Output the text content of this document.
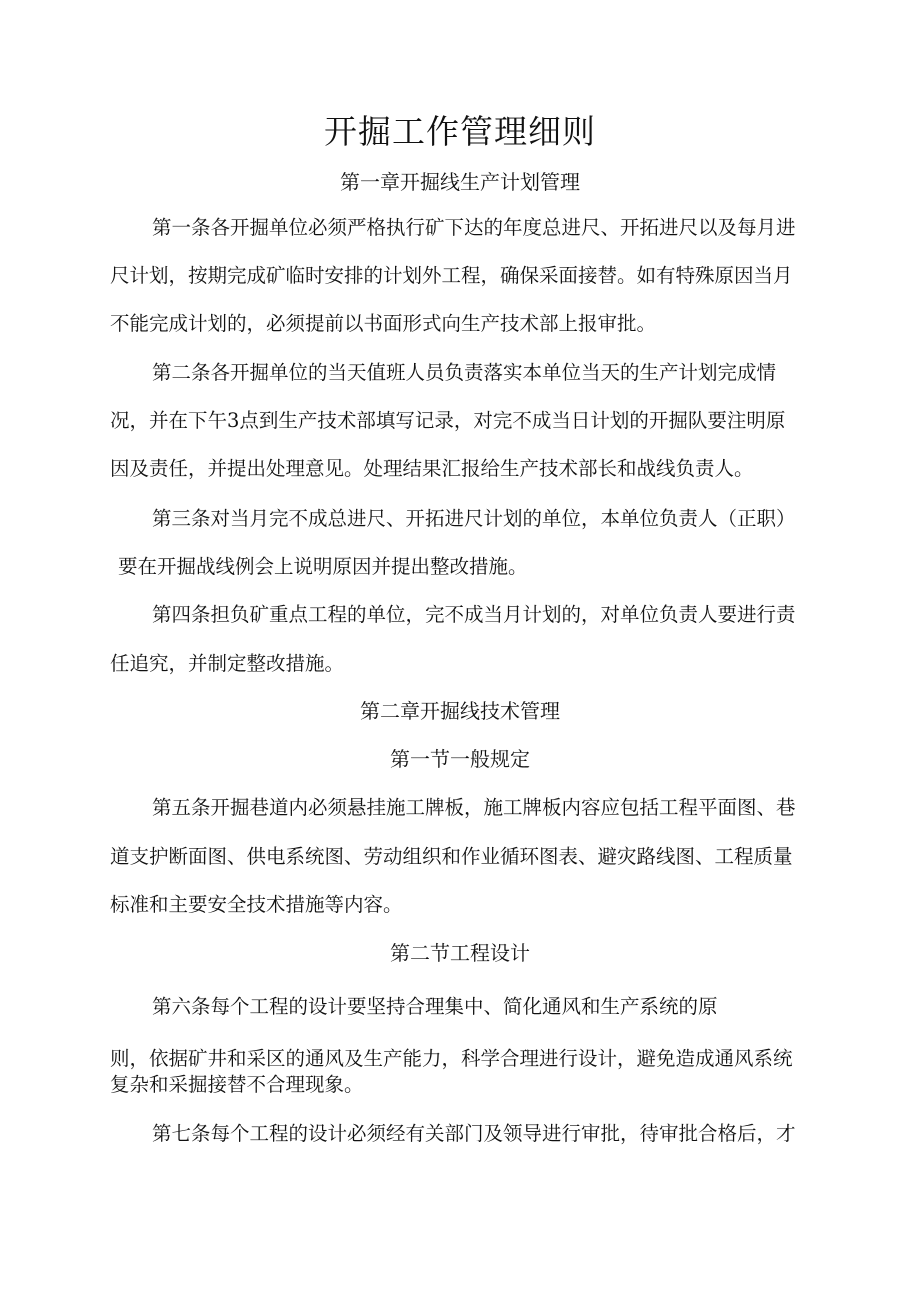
开掘工作管理细则
第一章开掘线生产计划管理
第一条各开掘单位必须严格执行矿下达的年度总进尺、开拓进尺以及每月进
尺计划，按期完成矿临时安排的计划外工程，确保采面接替。如有特殊原因当月
不能完成计划的，必须提前以书面形式向生产技术部上报审批。
第二条各开掘单位的当天值班人员负责落实本单位当天的生产计划完成情
况，并在下午3点到生产技术部填写记录，对完不成当日计划的开掘队要注明原
因及责任，并提出处理意见。处理结果汇报给生产技术部长和战线负责人。
第三条对当月完不成总进尺、开拓进尺计划的单位，本单位负责人（正职）
要在开掘战线例会上说明原因并提出整改措施。
第四条担负矿重点工程的单位，完不成当月计划的，对单位负责人要进行责
任追究，并制定整改措施。
第二章开掘线技术管理
第一节一般规定
第五条开掘巷道内必须悬挂施工牌板，施工牌板内容应包括工程平面图、巷
道支护断面图、供电系统图、劳动组织和作业循环图表、避灾路线图、工程质量
标准和主要安全技术措施等内容。
第二节工程设计
第六条每个工程的设计要坚持合理集中、简化通风和生产系统的原
则，依据矿井和采区的通风及生产能力，科学合理进行设计，避免造成通风系统
复杂和采掘接替不合理现象。
第七条每个工程的设计必须经有关部门及领导进行审批，待审批合格后，才
